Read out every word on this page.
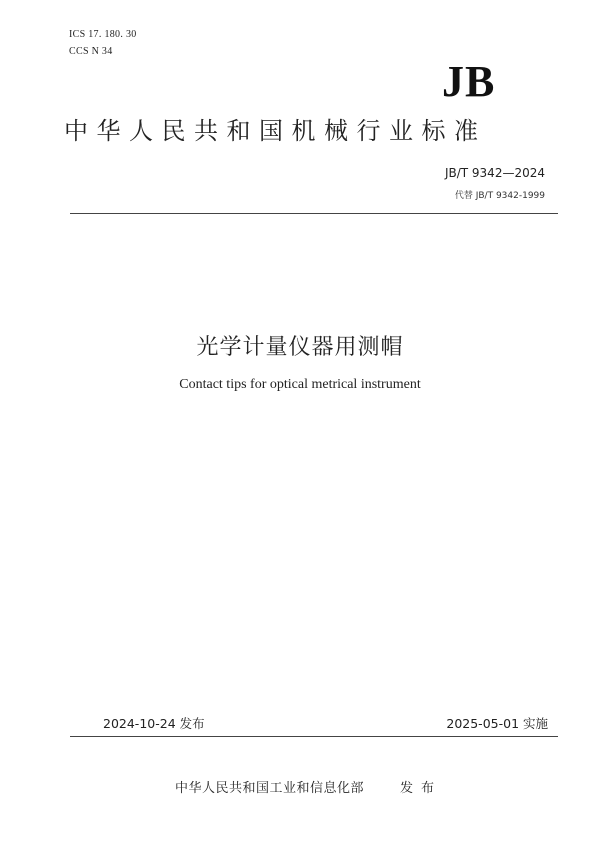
ICS 17. 180. 30
CCS N 34
JB
中华人民共和国机械行业标准
JB/T 9342—2024
代替 JB/T 9342-1999
光学计量仪器用测帽
Contact tips for optical metrical instrument
2024-10-24 发布	2025-05-01 实施
中华人民共和国工业和信息化部	发布
